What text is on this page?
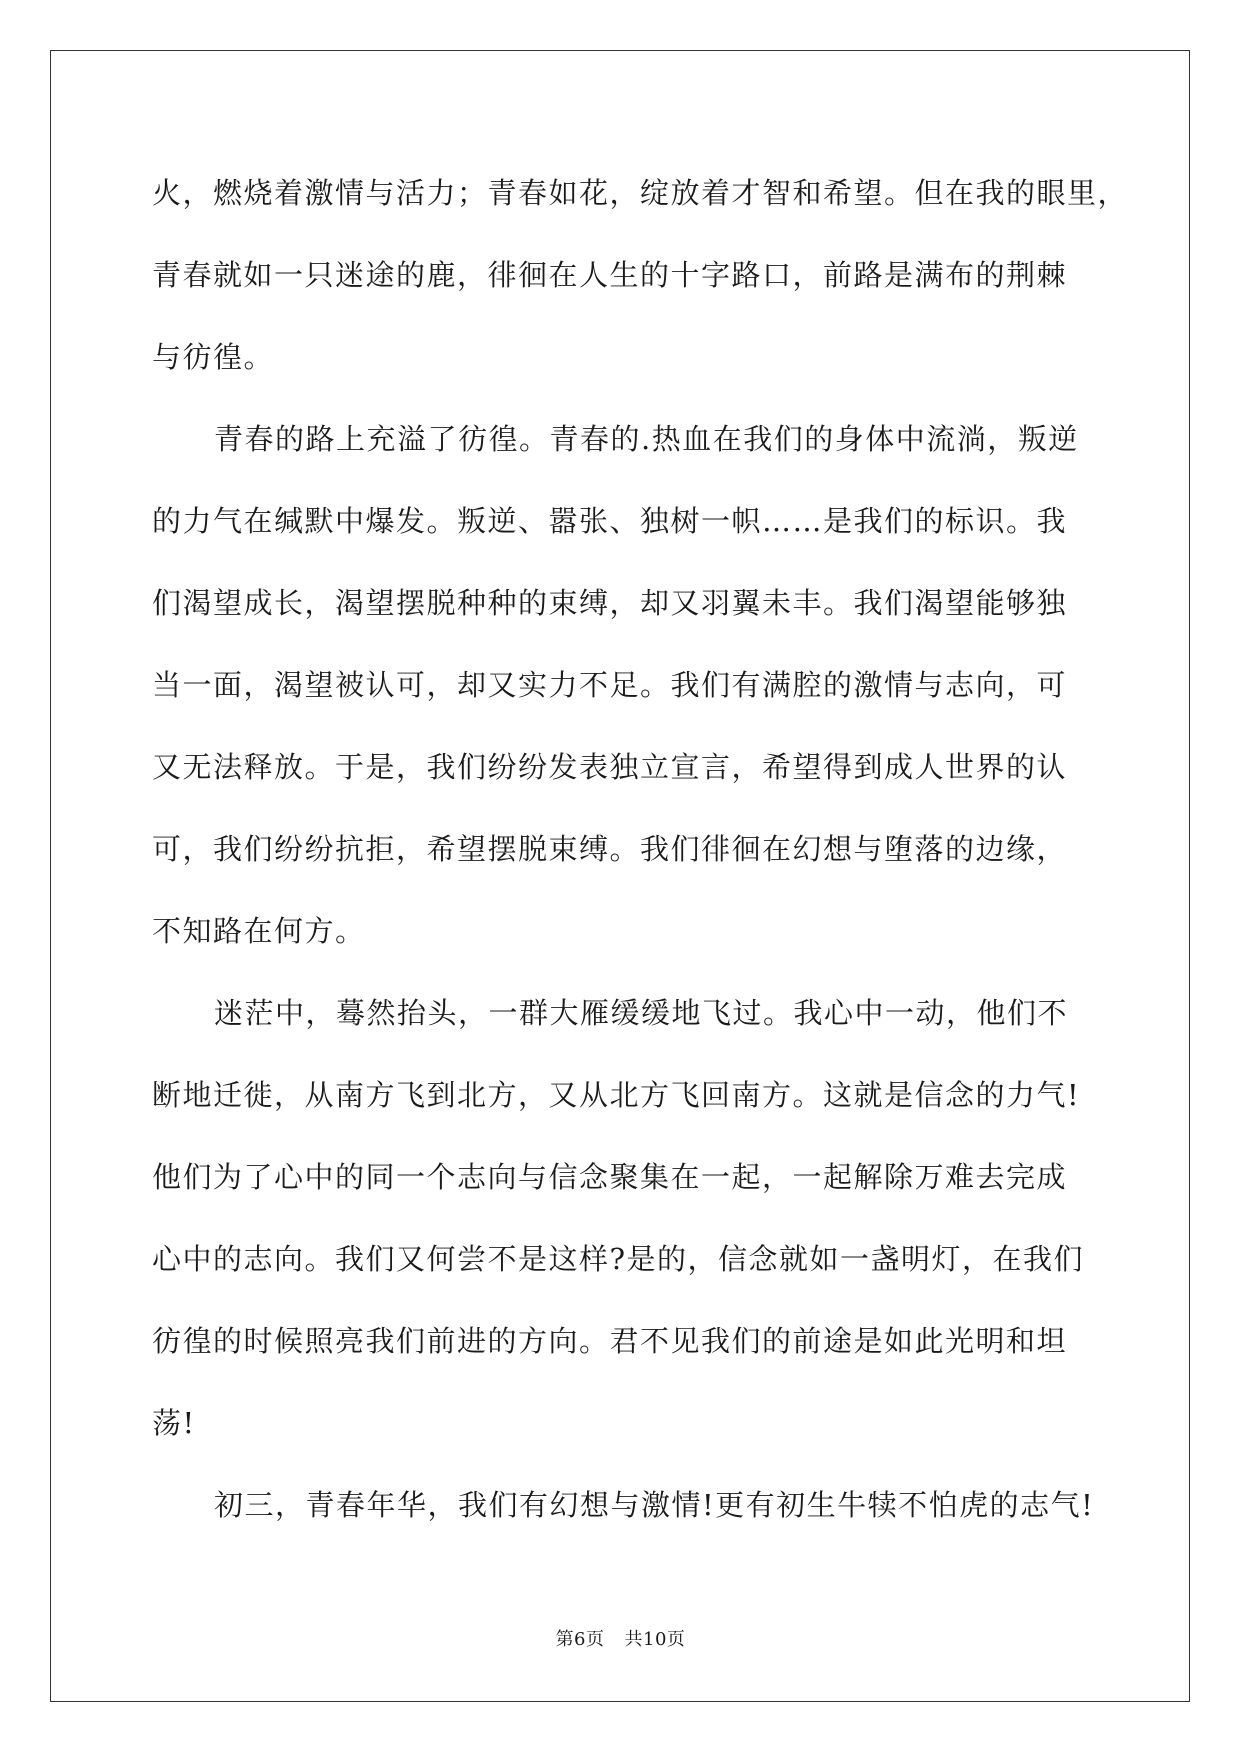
火，燃烧着激情与活力；青春如花，绽放着才智和希望。但在我的眼里，
青春就如一只迷途的鹿，徘徊在人生的十字路口，前路是满布的荆棘
与彷徨。
青春的路上充溢了彷徨。青春的.热血在我们的身体中流淌，叛逆
的力气在缄默中爆发。叛逆、嚣张、独树一帜……是我们的标识。我
们渴望成长，渴望摆脱种种的束缚，却又羽翼未丰。我们渴望能够独
当一面，渴望被认可，却又实力不足。我们有满腔的激情与志向，可
又无法释放。于是，我们纷纷发表独立宣言，希望得到成人世界的认
可，我们纷纷抗拒，希望摆脱束缚。我们徘徊在幻想与堕落的边缘，
不知路在何方。
迷茫中，蓦然抬头，一群大雁缓缓地飞过。我心中一动，他们不
断地迁徙，从南方飞到北方，又从北方飞回南方。这就是信念的力气!
他们为了心中的同一个志向与信念聚集在一起，一起解除万难去完成
心中的志向。我们又何尝不是这样?是的，信念就如一盏明灯，在我们
彷徨的时候照亮我们前进的方向。君不见我们的前途是如此光明和坦
荡!
初三，青春年华，我们有幻想与激情!更有初生牛犊不怕虎的志气!
第6页 共10页
